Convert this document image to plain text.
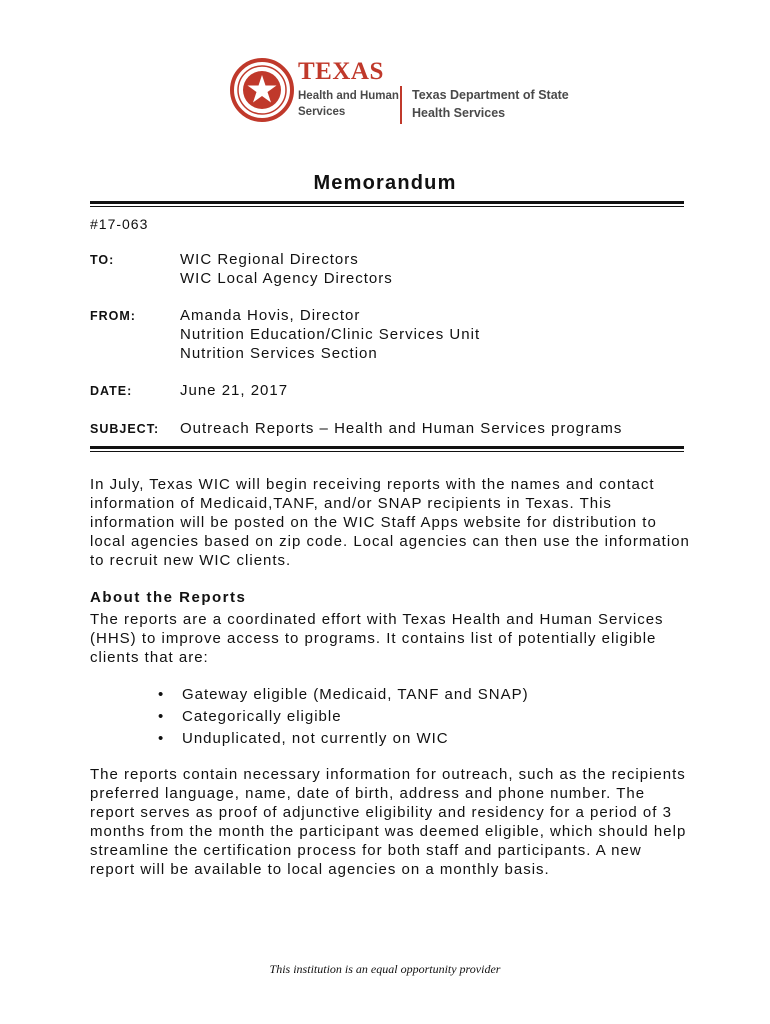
TEXAS
Health and Human
Services
Texas Department of State
Health Services
Memorandum
#17-063
TO:	WIC Regional Directors
WIC Local Agency Directors
FROM:	Amanda Hovis, Director
Nutrition Education/Clinic Services Unit
Nutrition Services Section
DATE:	June 21, 2017
SUBJECT: Outreach Reports – Health and Human Services programs
In July, Texas WIC will begin receiving reports with the names and contact information of Medicaid,TANF, and/or SNAP recipients in Texas. This information will be posted on the WIC Staff Apps website for distribution to local agencies based on zip code. Local agencies can then use the information to recruit new WIC clients.
About the Reports
The reports are a coordinated effort with Texas Health and Human Services (HHS) to improve access to programs. It contains list of potentially eligible clients that are:
• Gateway eligible (Medicaid, TANF and SNAP)
• Categorically eligible
• Unduplicated, not currently on WIC
The reports contain necessary information for outreach, such as the recipients preferred language, name, date of birth, address and phone number. The report serves as proof of adjunctive eligibility and residency for a period of 3 months from the month the participant was deemed eligible, which should help streamline the certification process for both staff and participants. A new report will be available to local agencies on a monthly basis.
This institution is an equal opportunity provider
